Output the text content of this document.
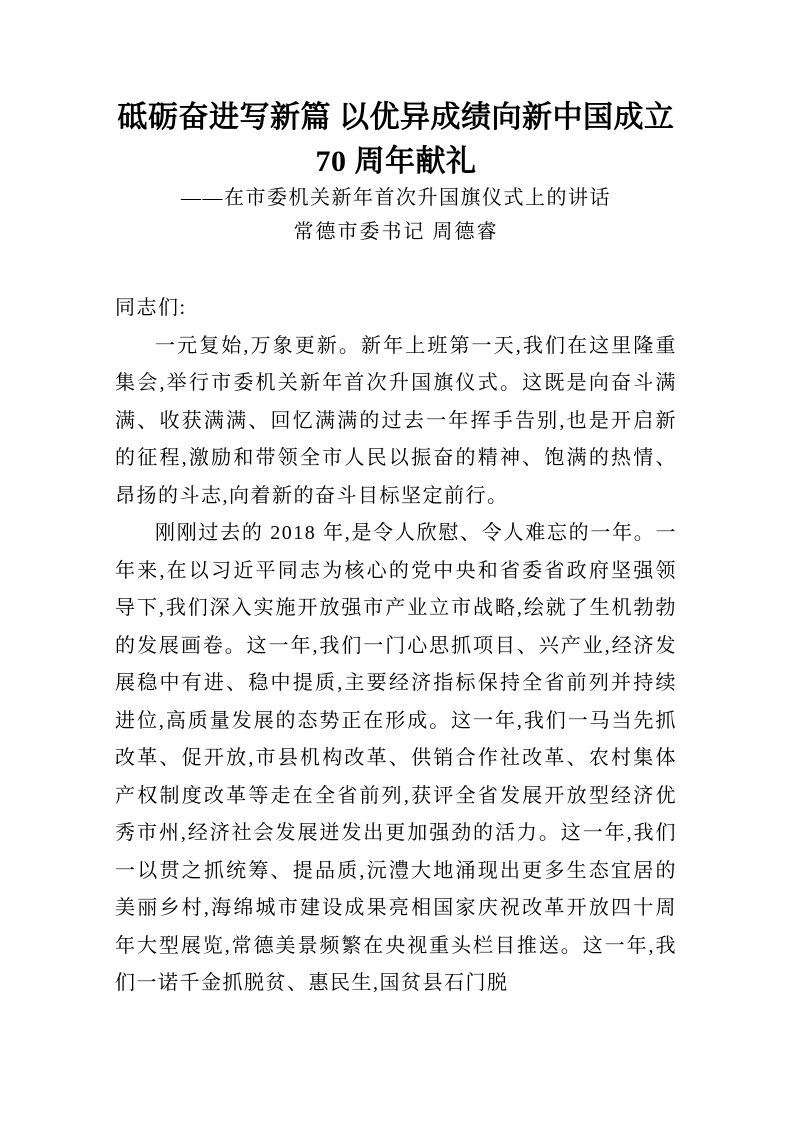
砥砺奋进写新篇 以优异成绩向新中国成立
70 周年献礼
——在市委机关新年首次升国旗仪式上的讲话
常德市委书记 周德睿

同志们:

一元复始,万象更新。新年上班第一天,我们在这里隆重集会,举行市委机关新年首次升国旗仪式。这既是向奋斗满满、收获满满、回忆满满的过去一年挥手告别,也是开启新的征程,激励和带领全市人民以振奋的精神、饱满的热情、昂扬的斗志,向着新的奋斗目标坚定前行。

刚刚过去的 2018 年,是令人欣慰、令人难忘的一年。一年来,在以习近平同志为核心的党中央和省委省政府坚强领导下,我们深入实施开放强市产业立市战略,绘就了生机勃勃的发展画卷。这一年,我们一门心思抓项目、兴产业,经济发展稳中有进、稳中提质,主要经济指标保持全省前列并持续进位,高质量发展的态势正在形成。这一年,我们一马当先抓改革、促开放,市县机构改革、供销合作社改革、农村集体产权制度改革等走在全省前列,获评全省发展开放型经济优秀市州,经济社会发展迸发出更加强劲的活力。这一年,我们一以贯之抓统筹、提品质,沅澧大地涌现出更多生态宜居的美丽乡村,海绵城市建设成果亮相国家庆祝改革开放四十周年大型展览,常德美景频繁在央视重头栏目推送。这一年,我们一诺千金抓脱贫、惠民生,国贫县石门脱
